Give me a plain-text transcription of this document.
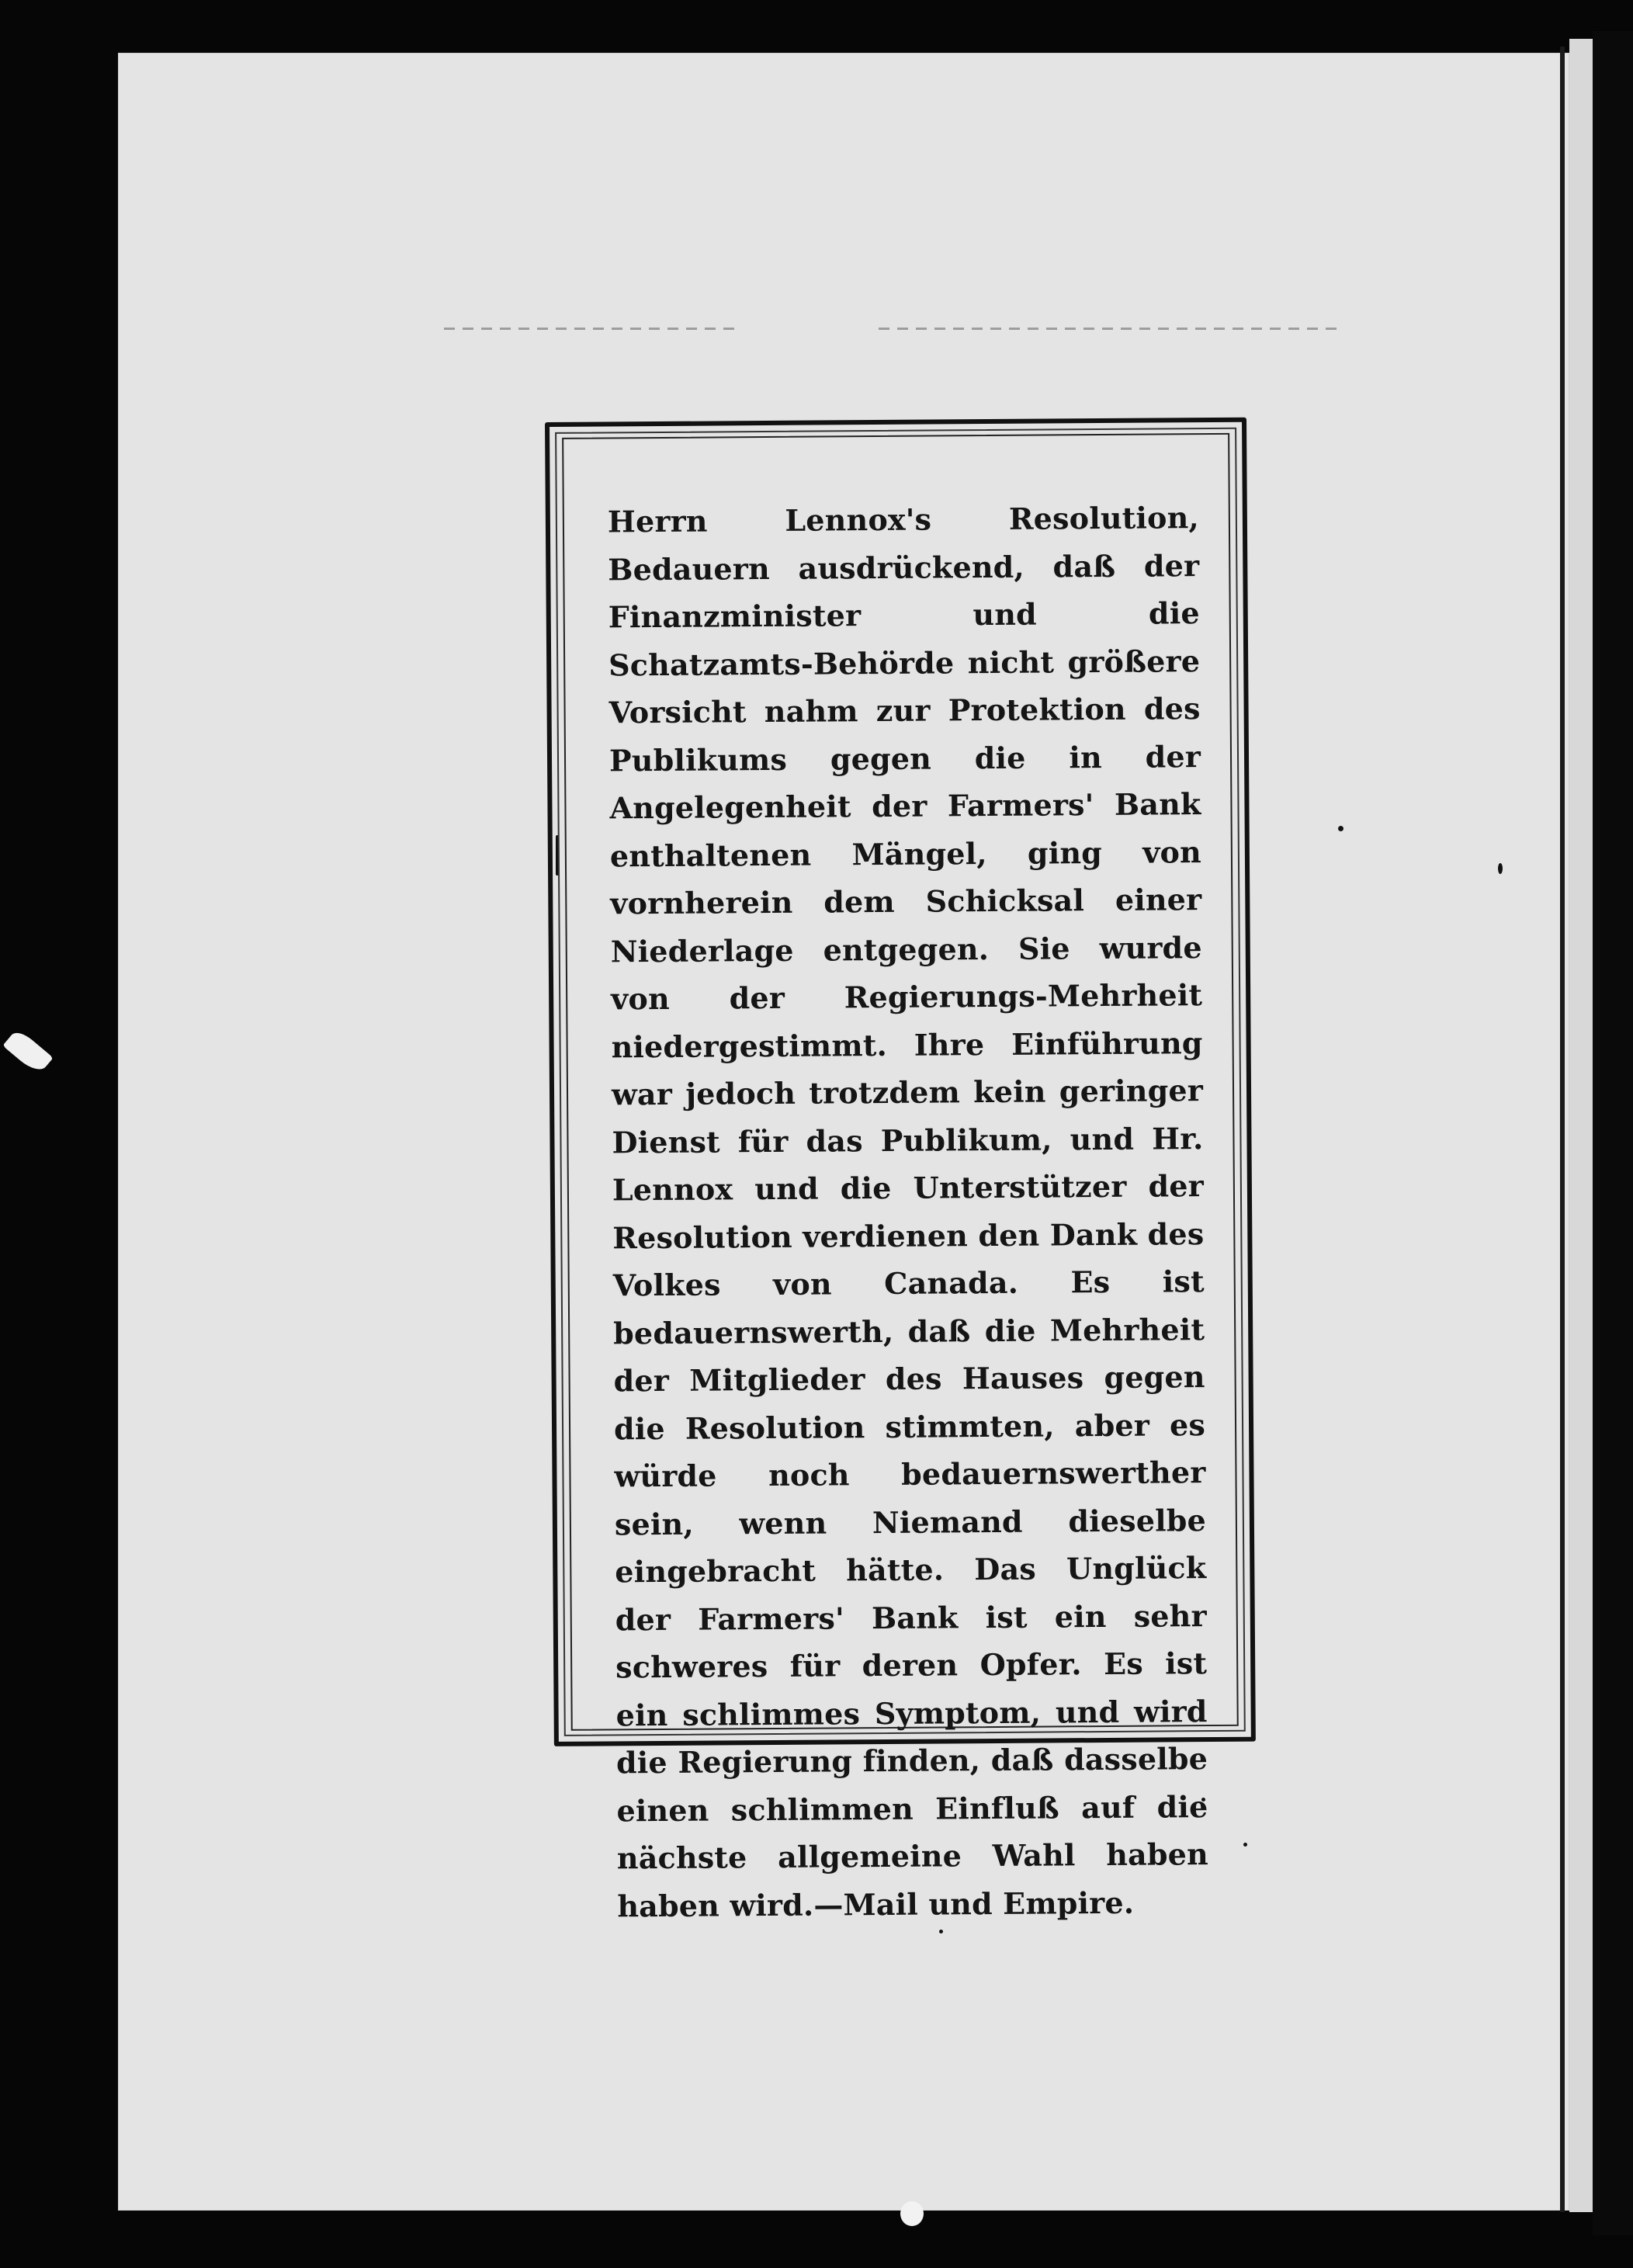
Herrn Lennox's Resolution, Bedauern ausdrückend, daß der Finanzminister und die Schatzamts-Behörde nicht größere Vorsicht nahm zur Protektion des Publikums gegen die in der Angelegenheit der Farmers' Bank enthaltenen Mängel, ging von vornherein dem Schicksal einer Niederlage entgegen. Sie wurde von der Regierungs-Mehrheit niedergestimmt. Ihre Einführung war jedoch trotzdem kein geringer Dienst für das Publikum, und Hr. Lennox und die Unterstützer der Resolution verdienen den Dank des Volkes von Canada. Es ist bedauernswerth, daß die Mehrheit der Mitglieder des Hauses gegen die Resolution stimmten, aber es würde noch bedauernswerther sein, wenn Niemand dieselbe eingebracht hätte. Das Unglück der Farmers' Bank ist ein sehr schweres für deren Opfer. Es ist ein schlimmes Symptom, und wird die Regierung finden, daß dasselbe einen schlimmen Einfluß auf die nächste allgemeine Wahl haben haben wird.—Mail und Empire.
